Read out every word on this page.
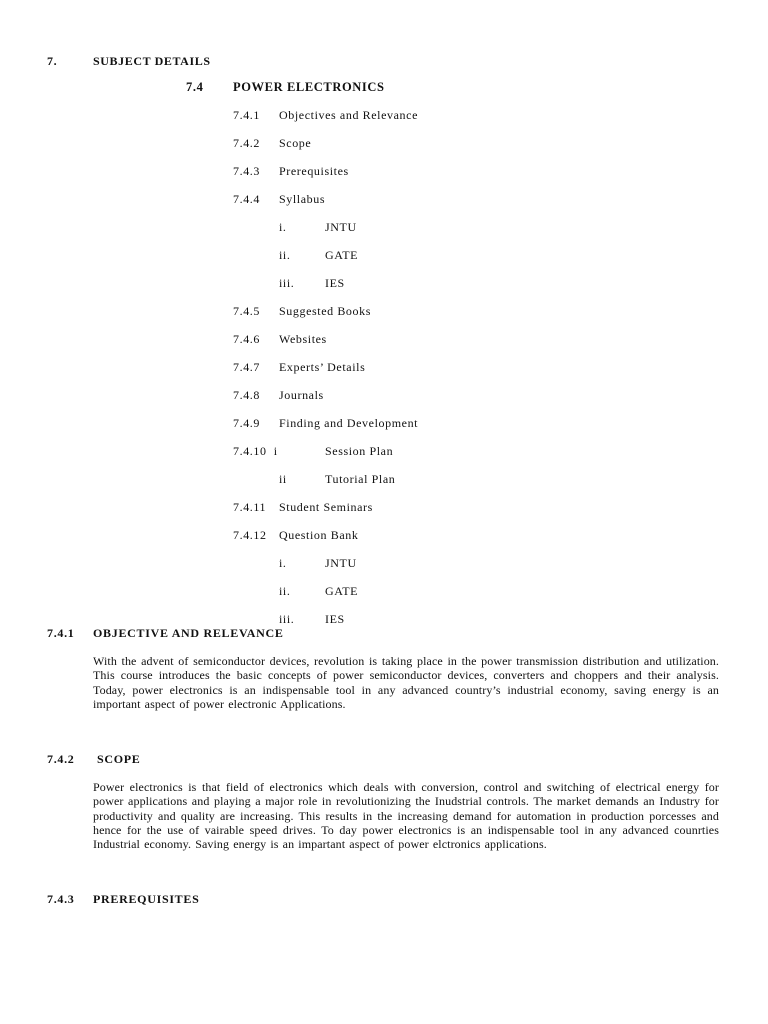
7.	SUBJECT DETAILS
7.4 POWER ELECTRONICS
7.4.1 Objectives and Relevance
7.4.2 Scope
7.4.3 Prerequisites
7.4.4 Syllabus
i.	JNTU
ii.	GATE
iii.	IES
7.4.5 Suggested Books
7.4.6 Websites
7.4.7 Experts’ Details
7.4.8 Journals
7.4.9 Finding and Development
7.4.10  i	Session Plan
ii	Tutorial Plan
7.4.11 Student Seminars
7.4.12 Question Bank
i.	JNTU
ii.	GATE
iii.	IES
7.4.1 OBJECTIVE AND RELEVANCE
With the advent of semiconductor devices, revolution is taking place in the power transmission distribution and utilization. This course introduces the basic concepts of power semiconductor devices, converters and choppers and their analysis. Today, power electronics is an indispensable tool in any advanced country’s industrial economy, saving energy is an important aspect of power electronic Applications.
7.4.2 SCOPE
Power electronics is that field of electronics which deals with conversion, control and switching of electrical energy for power applications and playing a major role in revolutionizing the Inudstrial controls. The market demands an Industry for productivity and quality are increasing. This results in the increasing demand for automation in production porcesses and hence for the use of vairable speed drives. To day power electronics is an indispensable tool in any advanced counrties Industrial economy. Saving energy is an impartant aspect of power elctronics applications.
7.4.3 PREREQUISITES
